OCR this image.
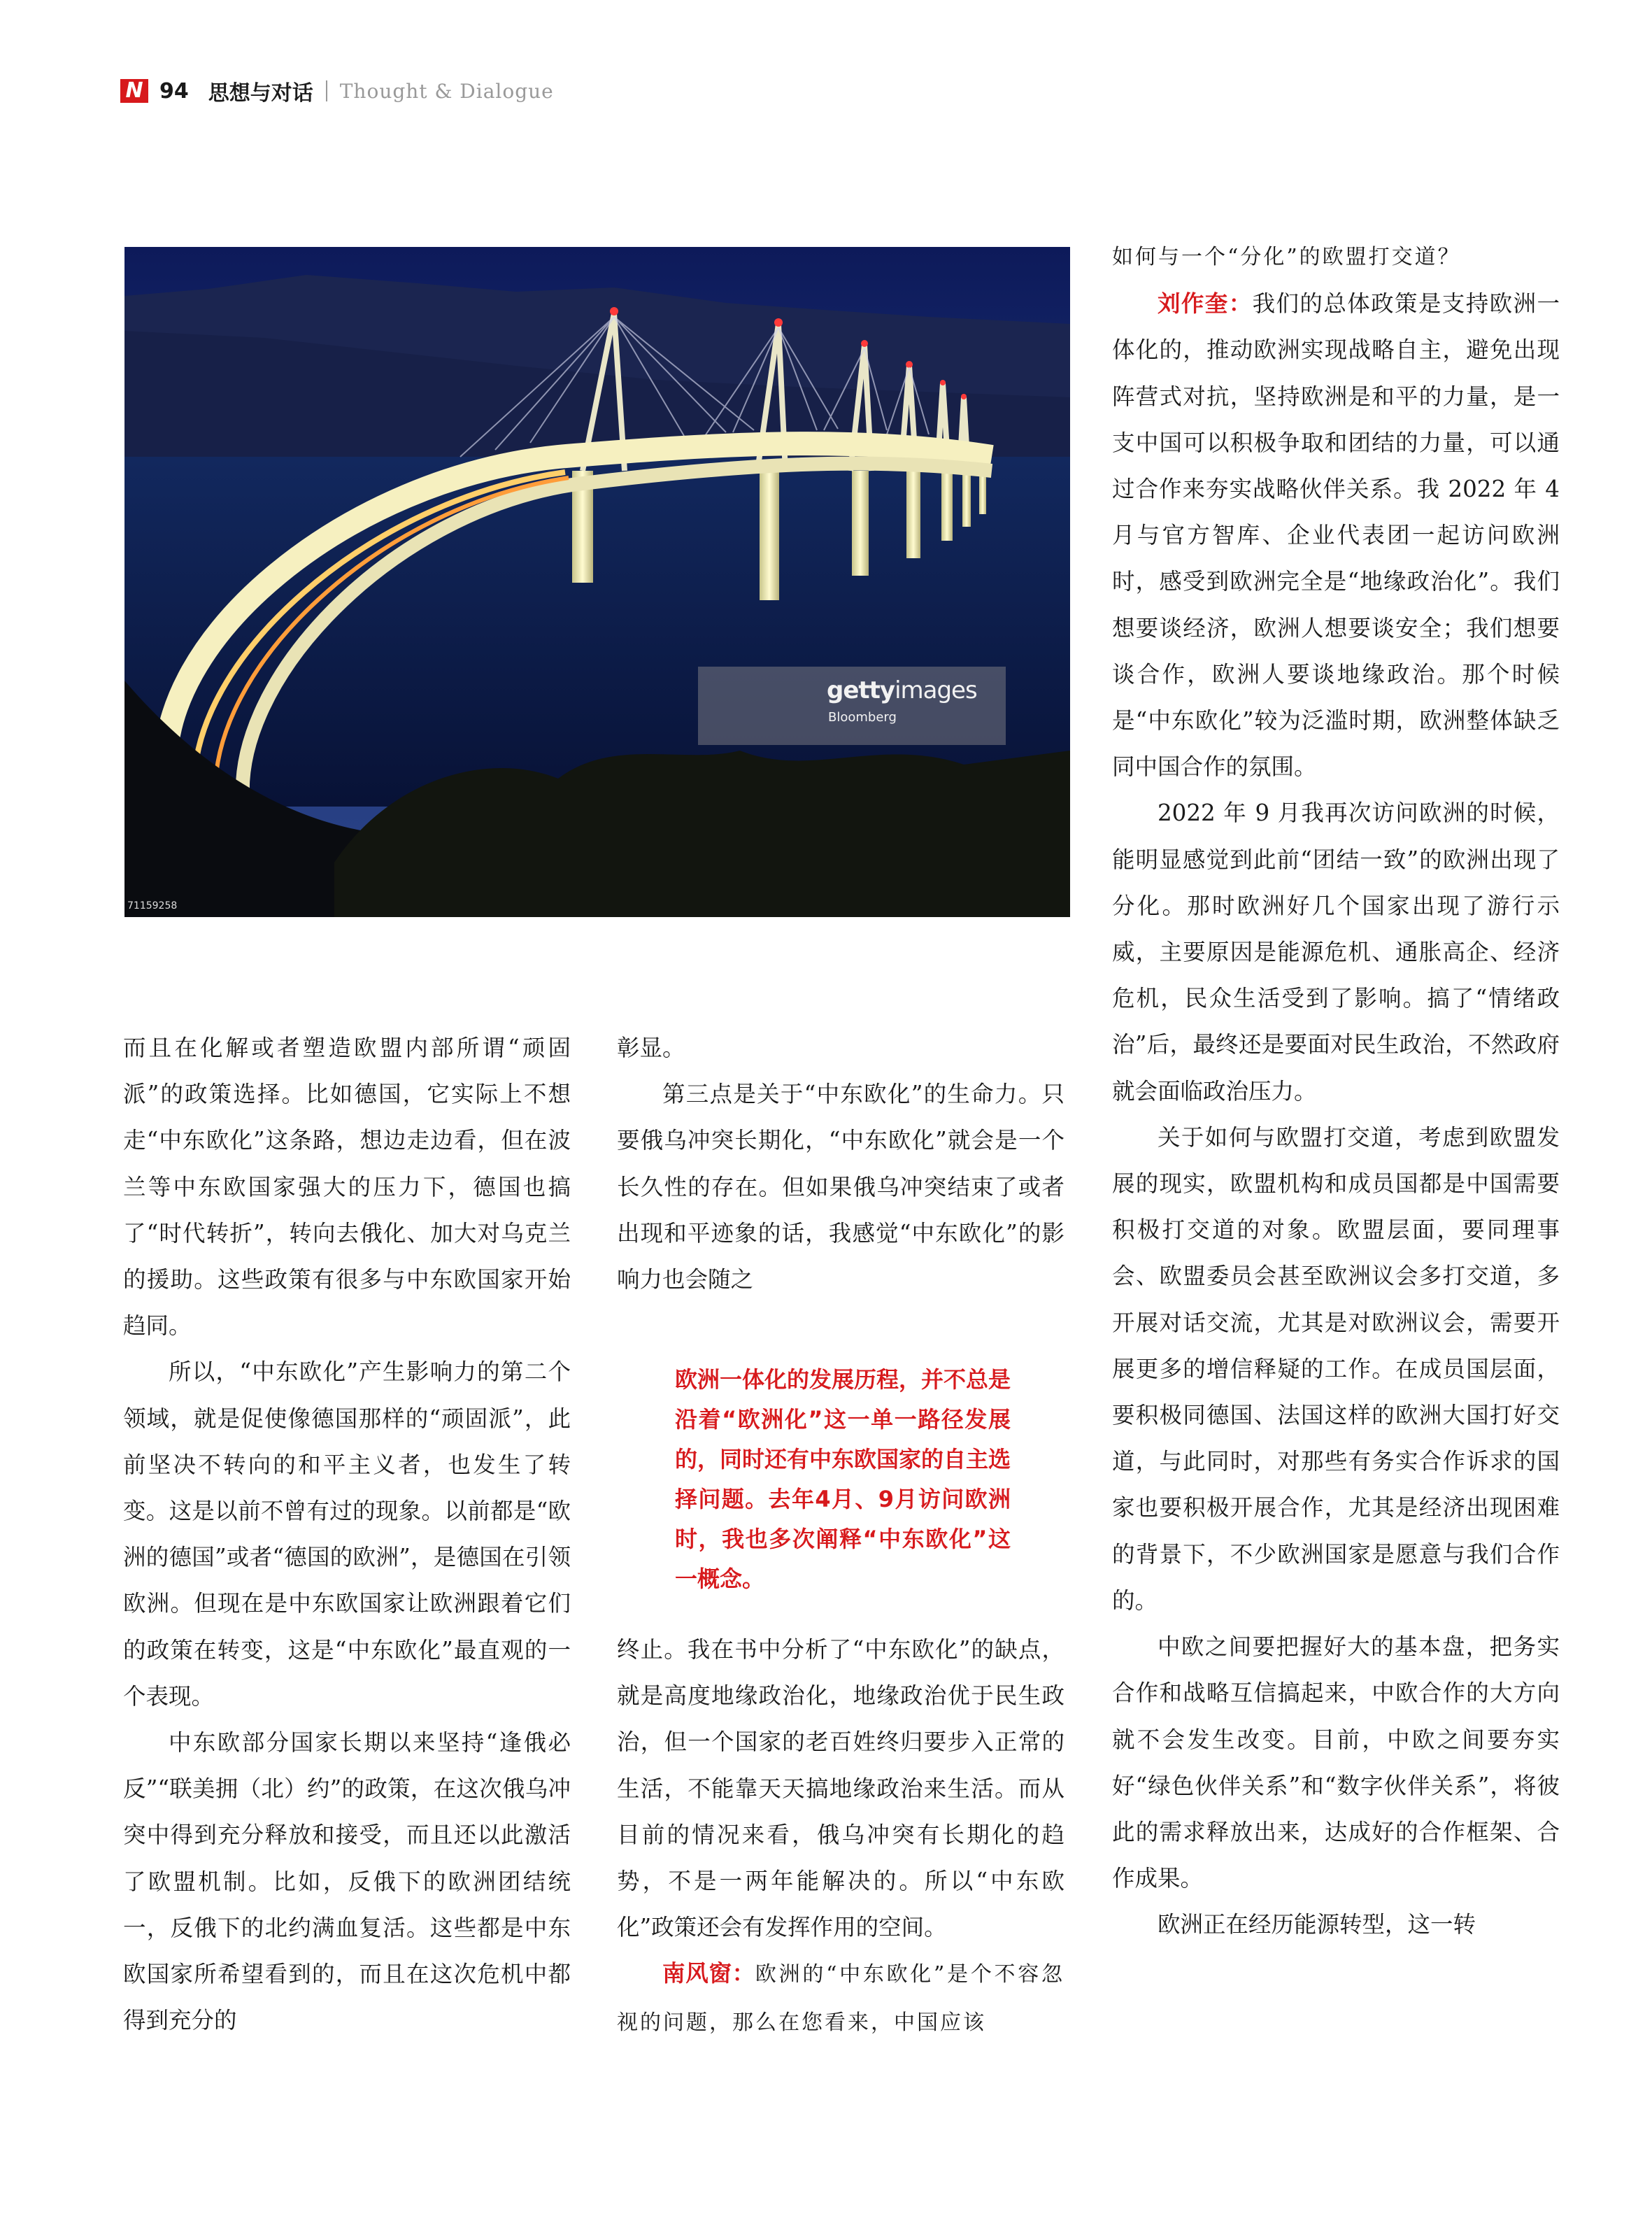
N 94 思想与对话 Thought & Dialogue
gettyimages
Bloomberg
71159258

而且在化解或者塑造欧盟内部所谓“顽固派”的政策选择。比如德国，它实际上不想走“中东欧化”这条路，想边走边看，但在波兰等中东欧国家强大的压力下，德国也搞了“时代转折”，转向去俄化、加大对乌克兰的援助。这些政策有很多与中东欧国家开始趋同。

所以，“中东欧化”产生影响力的第二个领域，就是促使像德国那样的“顽固派”，此前坚决不转向的和平主义者，也发生了转变。这是以前不曾有过的现象。以前都是“欧洲的德国”或者“德国的欧洲”，是德国在引领欧洲。但现在是中东欧国家让欧洲跟着它们的政策在转变，这是“中东欧化”最直观的一个表现。

中东欧部分国家长期以来坚持“逢俄必反”“联美拥（北）约”的政策，在这次俄乌冲突中得到充分释放和接受，而且还以此激活了欧盟机制。比如，反俄下的欧洲团结统一，反俄下的北约满血复活。这些都是中东欧国家所希望看到的，而且在这次危机中都得到充分的

彰显。

第三点是关于“中东欧化”的生命力。只要俄乌冲突长期化，“中东欧化”就会是一个长久性的存在。但如果俄乌冲突结束了或者出现和平迹象的话，我感觉“中东欧化”的影响力也会随之

欧洲一体化的发展历程，并不总是沿着“欧洲化”这一单一路径发展的，同时还有中东欧国家的自主选择问题。去年4月、9月访问欧洲时，我也多次阐释“中东欧化”这一概念。

终止。我在书中分析了“中东欧化”的缺点，就是高度地缘政治化，地缘政治优于民生政治，但一个国家的老百姓终归要步入正常的生活，不能靠天天搞地缘政治来生活。而从目前的情况来看，俄乌冲突有长期化的趋势，不是一两年能解决的。所以“中东欧化”政策还会有发挥作用的空间。

南风窗：欧洲的“中东欧化”是个不容忽视的问题，那么在您看来，中国应该

如何与一个“分化”的欧盟打交道？

刘作奎：我们的总体政策是支持欧洲一体化的，推动欧洲实现战略自主，避免出现阵营式对抗，坚持欧洲是和平的力量，是一支中国可以积极争取和团结的力量，可以通过合作来夯实战略伙伴关系。我 2022 年 4 月与官方智库、企业代表团一起访问欧洲时，感受到欧洲完全是“地缘政治化”。我们想要谈经济，欧洲人想要谈安全；我们想要谈合作，欧洲人要谈地缘政治。那个时候是“中东欧化”较为泛滥时期，欧洲整体缺乏同中国合作的氛围。

2022 年 9 月我再次访问欧洲的时候，能明显感觉到此前“团结一致”的欧洲出现了分化。那时欧洲好几个国家出现了游行示威，主要原因是能源危机、通胀高企、经济危机，民众生活受到了影响。搞了“情绪政治”后，最终还是要面对民生政治，不然政府就会面临政治压力。

关于如何与欧盟打交道，考虑到欧盟发展的现实，欧盟机构和成员国都是中国需要积极打交道的对象。欧盟层面，要同理事会、欧盟委员会甚至欧洲议会多打交道，多开展对话交流，尤其是对欧洲议会，需要开展更多的增信释疑的工作。在成员国层面，要积极同德国、法国这样的欧洲大国打好交道，与此同时，对那些有务实合作诉求的国家也要积极开展合作，尤其是经济出现困难的背景下，不少欧洲国家是愿意与我们合作的。

中欧之间要把握好大的基本盘，把务实合作和战略互信搞起来，中欧合作的大方向就不会发生改变。目前，中欧之间要夯实好“绿色伙伴关系”和“数字伙伴关系”，将彼此的需求释放出来，达成好的合作框架、合作成果。

欧洲正在经历能源转型，这一转
